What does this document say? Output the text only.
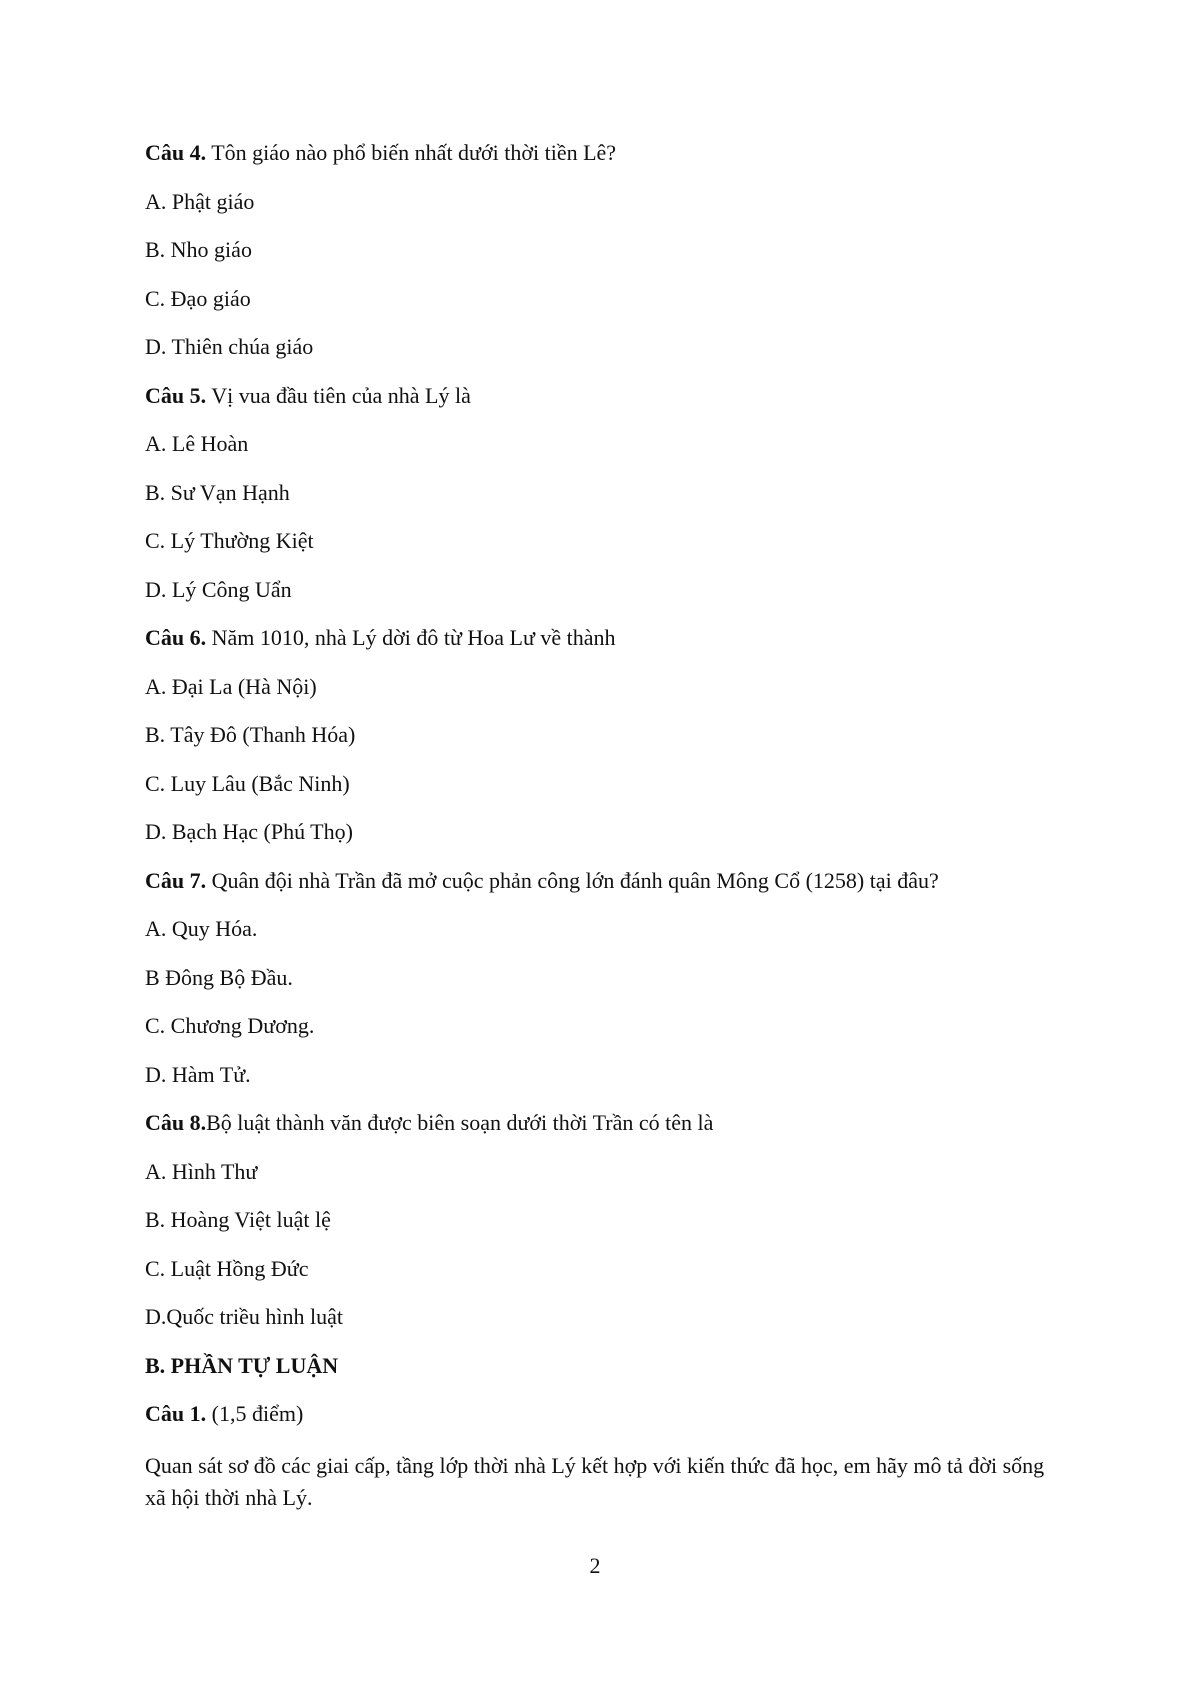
Câu 4. Tôn giáo nào phổ biến nhất dưới thời tiền Lê?
A. Phật giáo
B. Nho giáo
C. Đạo giáo
D. Thiên chúa giáo
Câu 5. Vị vua đầu tiên của nhà Lý là
A. Lê Hoàn
B. Sư Vạn Hạnh
C. Lý Thường Kiệt
D. Lý Công Uẩn
Câu 6. Năm 1010, nhà Lý dời đô từ Hoa Lư về thành
A. Đại La (Hà Nội)
B. Tây Đô (Thanh Hóa)
C. Luy Lâu (Bắc Ninh)
D. Bạch Hạc (Phú Thọ)
Câu 7. Quân đội nhà Trần đã mở cuộc phản công lớn đánh quân Mông Cổ (1258) tại đâu?
A. Quy Hóa.
B Đông Bộ Đầu.
C. Chương Dương.
D. Hàm Tử.
Câu 8.Bộ luật thành văn được biên soạn dưới thời Trần có tên là
A. Hình Thư
B. Hoàng Việt luật lệ
C. Luật Hồng Đức
D.Quốc triều hình luật
B. PHẦN TỰ LUẬN
Câu 1. (1,5 điểm)

Quan sát sơ đồ các giai cấp, tầng lớp thời nhà Lý kết hợp với kiến thức đã học, em hãy mô tả đời sống xã hội thời nhà Lý.

2
